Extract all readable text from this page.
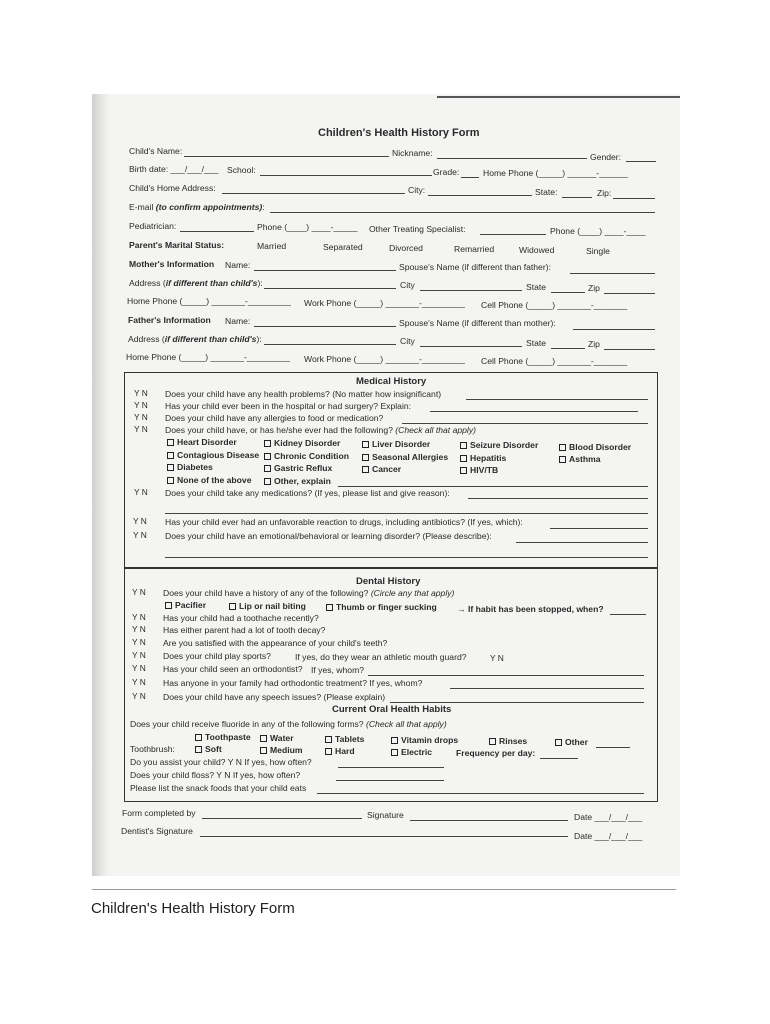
Children's Health History Form
Child's Name:	Nickname:	Gender:
Birth date: ___/___/___ School:	Grade:	Home Phone (_____) ______-______
Child's Home Address:	City:	State:	Zip:
E-mail (to confirm appointments):
Pediatrician:	Phone (____) ____-_____ Other Treating Specialist:	Phone (____) ____-____
Parent's Marital Status:	Married	Separated	Divorced	Remarried	Widowed	Single
Mother's Information Name:	Spouse's Name (if different than father):
Address (if different than child's):	City	State	Zip
Home Phone (_____) _______-_________ Work Phone (_____) _______-_________ Cell Phone (_____) _______-_______
Father's Information Name:	Spouse's Name (if different than mother):
Address (if different than child's):	City	State	Zip
Home Phone (_____) _______-_________ Work Phone (_____) _______-_________ Cell Phone (_____) _______-_______
Medical History
Y N Does your child have any health problems? (No matter how insignificant)
Y N Has your child ever been in the hospital or had surgery? Explain:
Y N Does your child have any allergies to food or medication?
Y N Does your child have, or has he/she ever had the following? (Check all that apply)
Heart Disorder	Kidney Disorder	Liver Disorder	Seizure Disorder	Blood Disorder
Contagious Disease	Chronic Condition	Seasonal Allergies	Hepatitis	Asthma
Diabetes	Gastric Reflux	Cancer	HIV/TB
None of the above	Other, explain
Y N Does your child take any medications? (If yes, please list and give reason):
Y N Has your child ever had an unfavorable reaction to drugs, including antibiotics? (If yes, which):
Y N Does your child have an emotional/behavioral or learning disorder? (Please describe):
Dental History
Y N Does your child have a history of any of the following? (Circle any that apply)
Pacifier	Lip or nail biting	Thumb or finger sucking → If habit has been stopped, when?
Y N Has your child had a toothache recently?
Y N Has either parent had a lot of tooth decay?
Y N Are you satisfied with the appearance of your child's teeth?
Y N Does your child play sports?	If yes, do they wear an athletic mouth guard?	Y N
Y N Has your child seen an orthodontist? If yes, whom?
Y N Has anyone in your family had orthodontic treatment? If yes, whom?
Y N Does your child have any speech issues? (Please explain)
Current Oral Health Habits
Does your child receive fluoride in any of the following forms? (Check all that apply)
Toothpaste	Water	Tablets	Vitamin drops	Rinses	Other
Toothbrush:	Soft	Medium	Hard	Electric	Frequency per day:
Do you assist your child? Y N If yes, how often?
Does your child floss? Y N If yes, how often?
Please list the snack foods that your child eats
Form completed by	Signature	Date ___/___/___
Dentist's Signature	Date ___/___/___
Children's Health History Form
